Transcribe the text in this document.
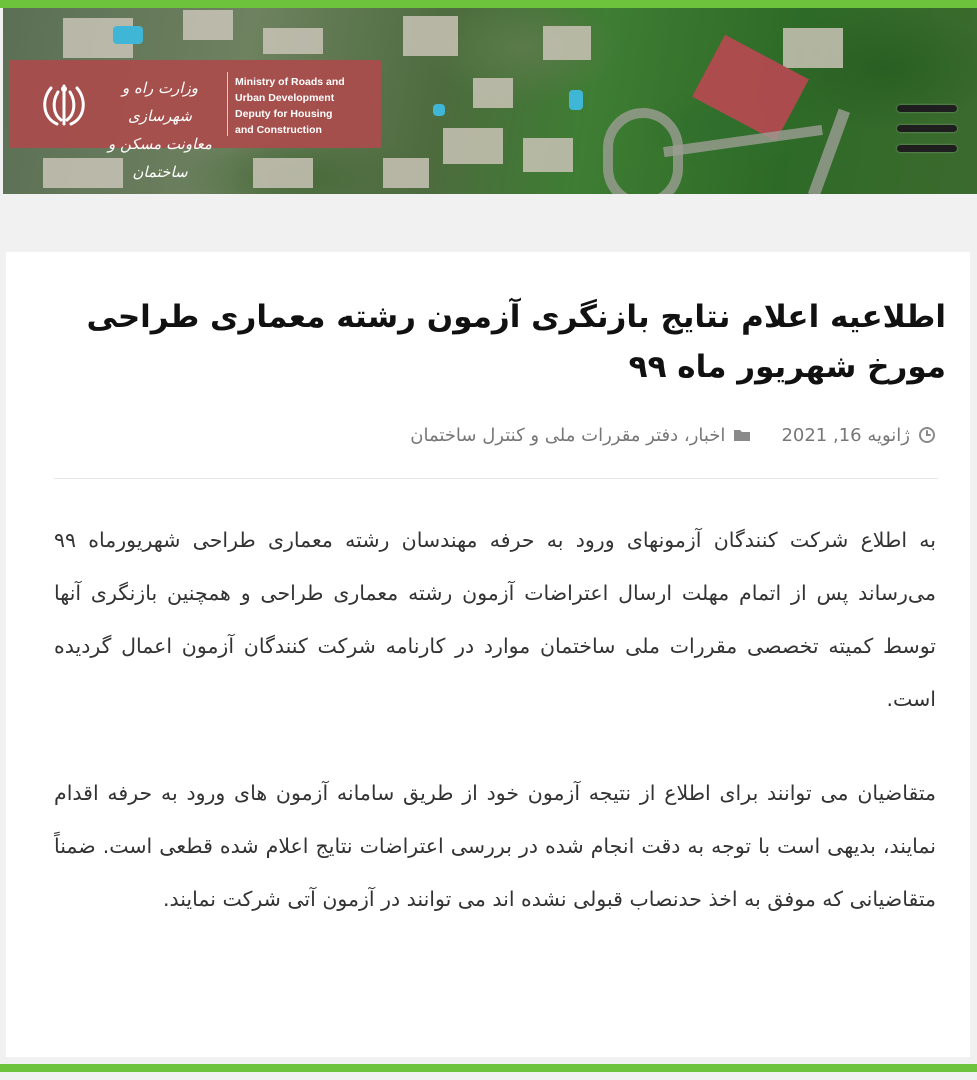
وزارت راه و شهرسازی
معاونت مسکن و ساختمان
Ministry of Roads and
Urban Development
Deputy for Housing
and Construction
اطلاعیه اعلام نتایج بازنگری آزمون رشته معماری طراحی مورخ شهریور ماه ۹۹
ژانویه 16, 2021
اخبار، دفتر مقررات ملی و کنترل ساختمان

به اطلاع شرکت کنندگان آزمونهای ورود به حرفه مهندسان رشته معماری طراحی شهریورماه ۹۹ می‌رساند پس از اتمام مهلت ارسال اعتراضات آزمون رشته معماری طراحی و همچنین بازنگری آنها توسط کمیته تخصصی مقررات ملی ساختمان موارد در کارنامه شرکت کنندگان آزمون اعمال گردیده است.

متقاضیان می توانند برای اطلاع از نتیجه آزمون خود از طریق سامانه آزمون های ورود به حرفه اقدام نمایند، بدیهی است با توجه به دقت انجام شده در بررسی اعتراضات نتایج اعلام شده قطعی است. ضمناً متقاضیانی که موفق به اخذ حدنصاب قبولی نشده اند می توانند در آزمون آتی شرکت نمایند.
